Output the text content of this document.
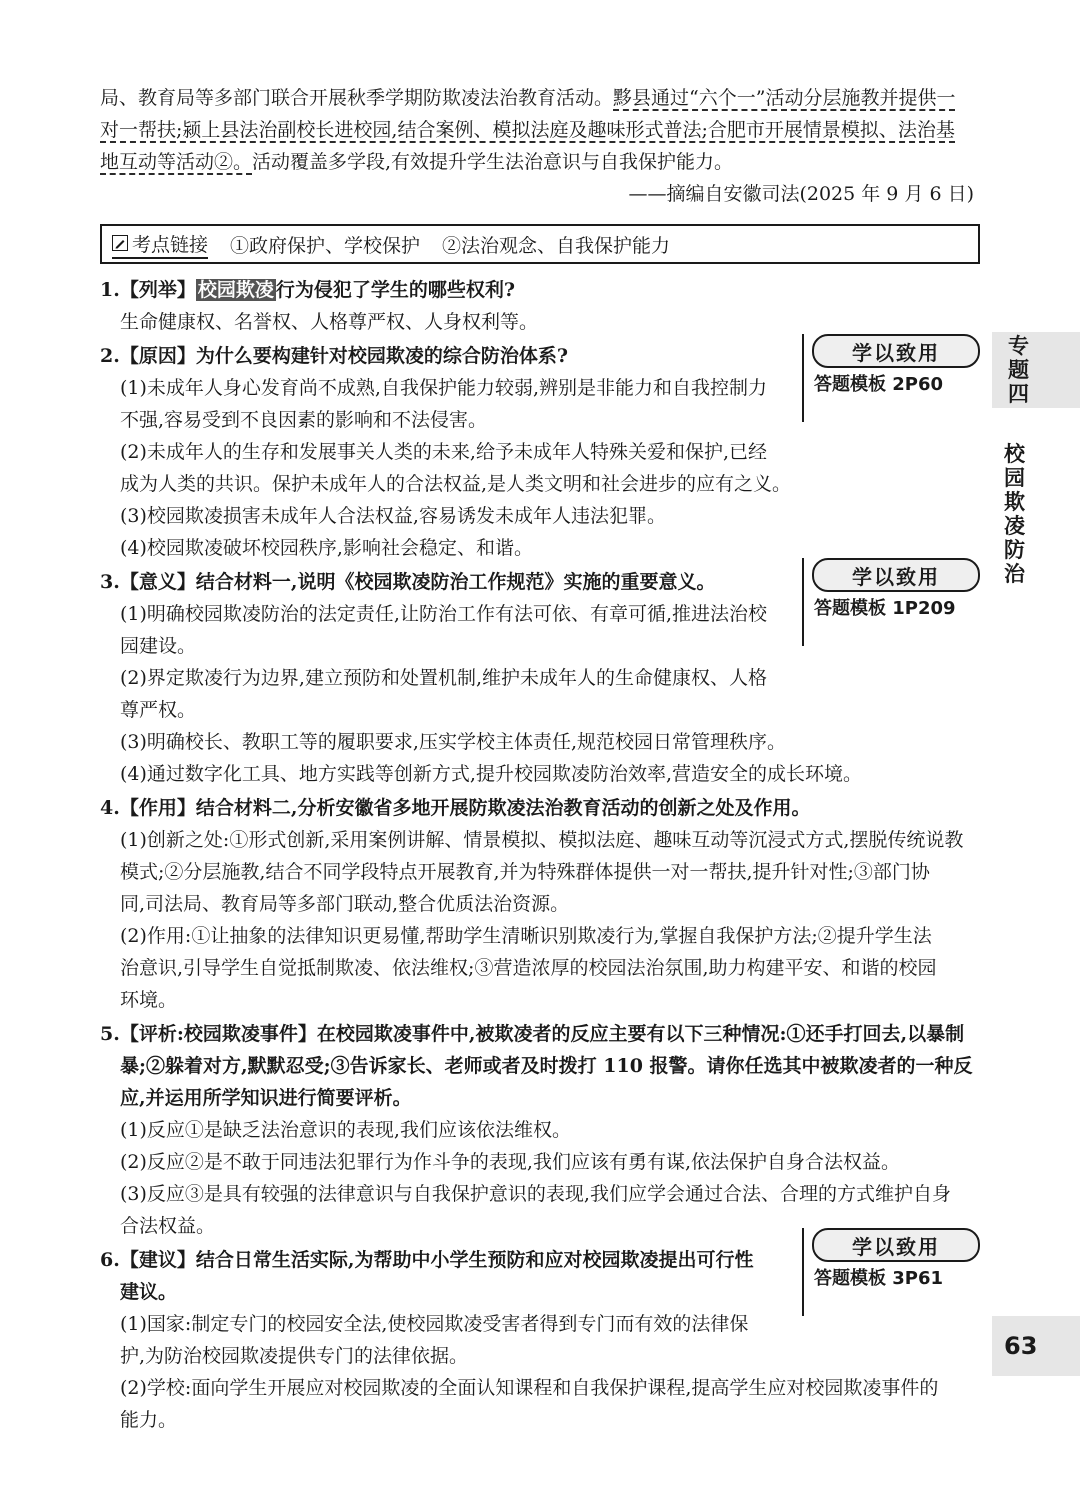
专题四
校园欺凌防治
63
学以致用
答题模板 2P60
学以致用
答题模板 1P209
学以致用
答题模板 3P61
局、教育局等多部门联合开展秋季学期防欺凌法治教育活动。黟县通过“六个一”活动分层施教并提供一
对一帮扶;颍上县法治副校长进校园,结合案例、模拟法庭及趣味形式普法;合肥市开展情景模拟、法治基
地互动等活动②。活动覆盖多学段,有效提升学生法治意识与自我保护能力。
——摘编自安徽司法(2025 年 9 月 6 日)
考点链接 ①政府保护、学校保护 ②法治观念、自我保护能力
1.【列举】 校园欺凌 行为侵犯了学生的哪些权利?
生命健康权、名誉权、人格尊严权、人身权利等。
2.【原因】为什么要构建针对校园欺凌的综合防治体系?
(1)未成年人身心发育尚不成熟,自我保护能力较弱,辨别是非能力和自我控制力
不强,容易受到不良因素的影响和不法侵害。
(2)未成年人的生存和发展事关人类的未来,给予未成年人特殊关爱和保护,已经
成为人类的共识。保护未成年人的合法权益,是人类文明和社会进步的应有之义。
(3)校园欺凌损害未成年人合法权益,容易诱发未成年人违法犯罪。
(4)校园欺凌破坏校园秩序,影响社会稳定、和谐。
3.【意义】结合材料一,说明《校园欺凌防治工作规范》实施的重要意义。
(1)明确校园欺凌防治的法定责任,让防治工作有法可依、有章可循,推进法治校
园建设。
(2)界定欺凌行为边界,建立预防和处置机制,维护未成年人的生命健康权、人格
尊严权。
(3)明确校长、教职工等的履职要求,压实学校主体责任,规范校园日常管理秩序。
(4)通过数字化工具、地方实践等创新方式,提升校园欺凌防治效率,营造安全的成长环境。
4.【作用】结合材料二,分析安徽省多地开展防欺凌法治教育活动的创新之处及作用。
(1)创新之处:①形式创新,采用案例讲解、情景模拟、模拟法庭、趣味互动等沉浸式方式,摆脱传统说教
模式;②分层施教,结合不同学段特点开展教育,并为特殊群体提供一对一帮扶,提升针对性;③部门协
同,司法局、教育局等多部门联动,整合优质法治资源。
(2)作用:①让抽象的法律知识更易懂,帮助学生清晰识别欺凌行为,掌握自我保护方法;②提升学生法
治意识,引导学生自觉抵制欺凌、依法维权;③营造浓厚的校园法治氛围,助力构建平安、和谐的校园
环境。
5.【评析:校园欺凌事件】在校园欺凌事件中,被欺凌者的反应主要有以下三种情况:①还手打回去,以暴制
暴;②躲着对方,默默忍受;③告诉家长、老师或者及时拨打 110 报警。请你任选其中被欺凌者的一种反
应,并运用所学知识进行简要评析。
(1)反应①是缺乏法治意识的表现,我们应该依法维权。
(2)反应②是不敢于同违法犯罪行为作斗争的表现,我们应该有勇有谋,依法保护自身合法权益。
(3)反应③是具有较强的法律意识与自我保护意识的表现,我们应学会通过合法、合理的方式维护自身
合法权益。
6.【建议】结合日常生活实际,为帮助中小学生预防和应对校园欺凌提出可行性
建议。
(1)国家:制定专门的校园安全法,使校园欺凌受害者得到专门而有效的法律保
护,为防治校园欺凌提供专门的法律依据。
(2)学校:面向学生开展应对校园欺凌的全面认知课程和自我保护课程,提高学生应对校园欺凌事件的
能力。
